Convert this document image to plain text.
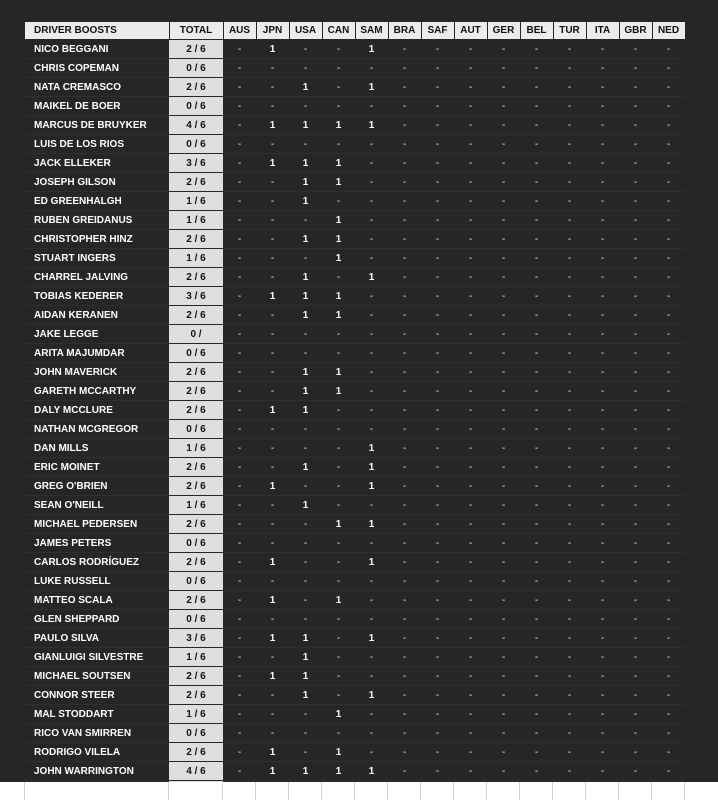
DRIVER BOOSTS	TOTAL	AUS	JPN	USA	CAN	SAM	BRA	SAF	AUT	GER	BEL	TUR	ITA	GBR	NED
NICO BEGGANI	2 / 6	-	1	-	-	1	-	-	-	-	-	-	-	-	-
CHRIS COPEMAN	0 / 6	-	-	-	-	-	-	-	-	-	-	-	-	-	-
NATA CREMASCO	2 / 6	-	-	1	-	1	-	-	-	-	-	-	-	-	-
MAIKEL DE BOER	0 / 6	-	-	-	-	-	-	-	-	-	-	-	-	-	-
MARCUS DE BRUYKER	4 / 6	-	1	1	1	1	-	-	-	-	-	-	-	-	-
LUIS DE LOS RIOS	0 / 6	-	-	-	-	-	-	-	-	-	-	-	-	-	-
JACK ELLEKER	3 / 6	-	1	1	1	-	-	-	-	-	-	-	-	-	-
JOSEPH GILSON	2 / 6	-	-	1	1	-	-	-	-	-	-	-	-	-	-
ED GREENHALGH	1 / 6	-	-	1	-	-	-	-	-	-	-	-	-	-	-
RUBEN GREIDANUS	1 / 6	-	-	-	1	-	-	-	-	-	-	-	-	-	-
CHRISTOPHER HINZ	2 / 6	-	-	1	1	-	-	-	-	-	-	-	-	-	-
STUART INGERS	1 / 6	-	-	-	1	-	-	-	-	-	-	-	-	-	-
CHARREL JALVING	2 / 6	-	-	1	-	1	-	-	-	-	-	-	-	-	-
TOBIAS KEDERER	3 / 6	-	1	1	1	-	-	-	-	-	-	-	-	-	-
AIDAN KERANEN	2 / 6	-	-	1	1	-	-	-	-	-	-	-	-	-	-
JAKE LEGGE	0 /	-	-	-	-	-	-	-	-	-	-	-	-	-	-
ARITA MAJUMDAR	0 / 6	-	-	-	-	-	-	-	-	-	-	-	-	-	-
JOHN MAVERICK	2 / 6	-	-	1	1	-	-	-	-	-	-	-	-	-	-
GARETH MCCARTHY	2 / 6	-	-	1	1	-	-	-	-	-	-	-	-	-	-
DALY MCCLURE	2 / 6	-	1	1	-	-	-	-	-	-	-	-	-	-	-
NATHAN MCGREGOR	0 / 6	-	-	-	-	-	-	-	-	-	-	-	-	-	-
DAN MILLS	1 / 6	-	-	-	-	1	-	-	-	-	-	-	-	-	-
ERIC MOINET	2 / 6	-	-	1	-	1	-	-	-	-	-	-	-	-	-
GREG O'BRIEN	2 / 6	-	1	-	-	1	-	-	-	-	-	-	-	-	-
SEAN O'NEILL	1 / 6	-	-	1	-	-	-	-	-	-	-	-	-	-	-
MICHAEL PEDERSEN	2 / 6	-	-	-	1	1	-	-	-	-	-	-	-	-	-
JAMES PETERS	0 / 6	-	-	-	-	-	-	-	-	-	-	-	-	-	-
CARLOS RODRÍGUEZ	2 / 6	-	1	-	-	1	-	-	-	-	-	-	-	-	-
LUKE RUSSELL	0 / 6	-	-	-	-	-	-	-	-	-	-	-	-	-	-
MATTEO SCALA	2 / 6	-	1	-	1	-	-	-	-	-	-	-	-	-	-
GLEN SHEPPARD	0 / 6	-	-	-	-	-	-	-	-	-	-	-	-	-	-
PAULO SILVA	3 / 6	-	1	1	-	1	-	-	-	-	-	-	-	-	-
GIANLUIGI SILVESTRE	1 / 6	-	-	1	-	-	-	-	-	-	-	-	-	-	-
MICHAEL SOUTSEN	2 / 6	-	1	1	-	-	-	-	-	-	-	-	-	-	-
CONNOR STEER	2 / 6	-	-	1	-	1	-	-	-	-	-	-	-	-	-
MAL STODDART	1 / 6	-	-	-	1	-	-	-	-	-	-	-	-	-	-
RICO VAN SMIRREN	0 / 6	-	-	-	-	-	-	-	-	-	-	-	-	-	-
RODRIGO VILELA	2 / 6	-	1	-	1	-	-	-	-	-	-	-	-	-	-
JOHN WARRINGTON	4 / 6	-	1	1	1	1	-	-	-	-	-	-	-	-	-
